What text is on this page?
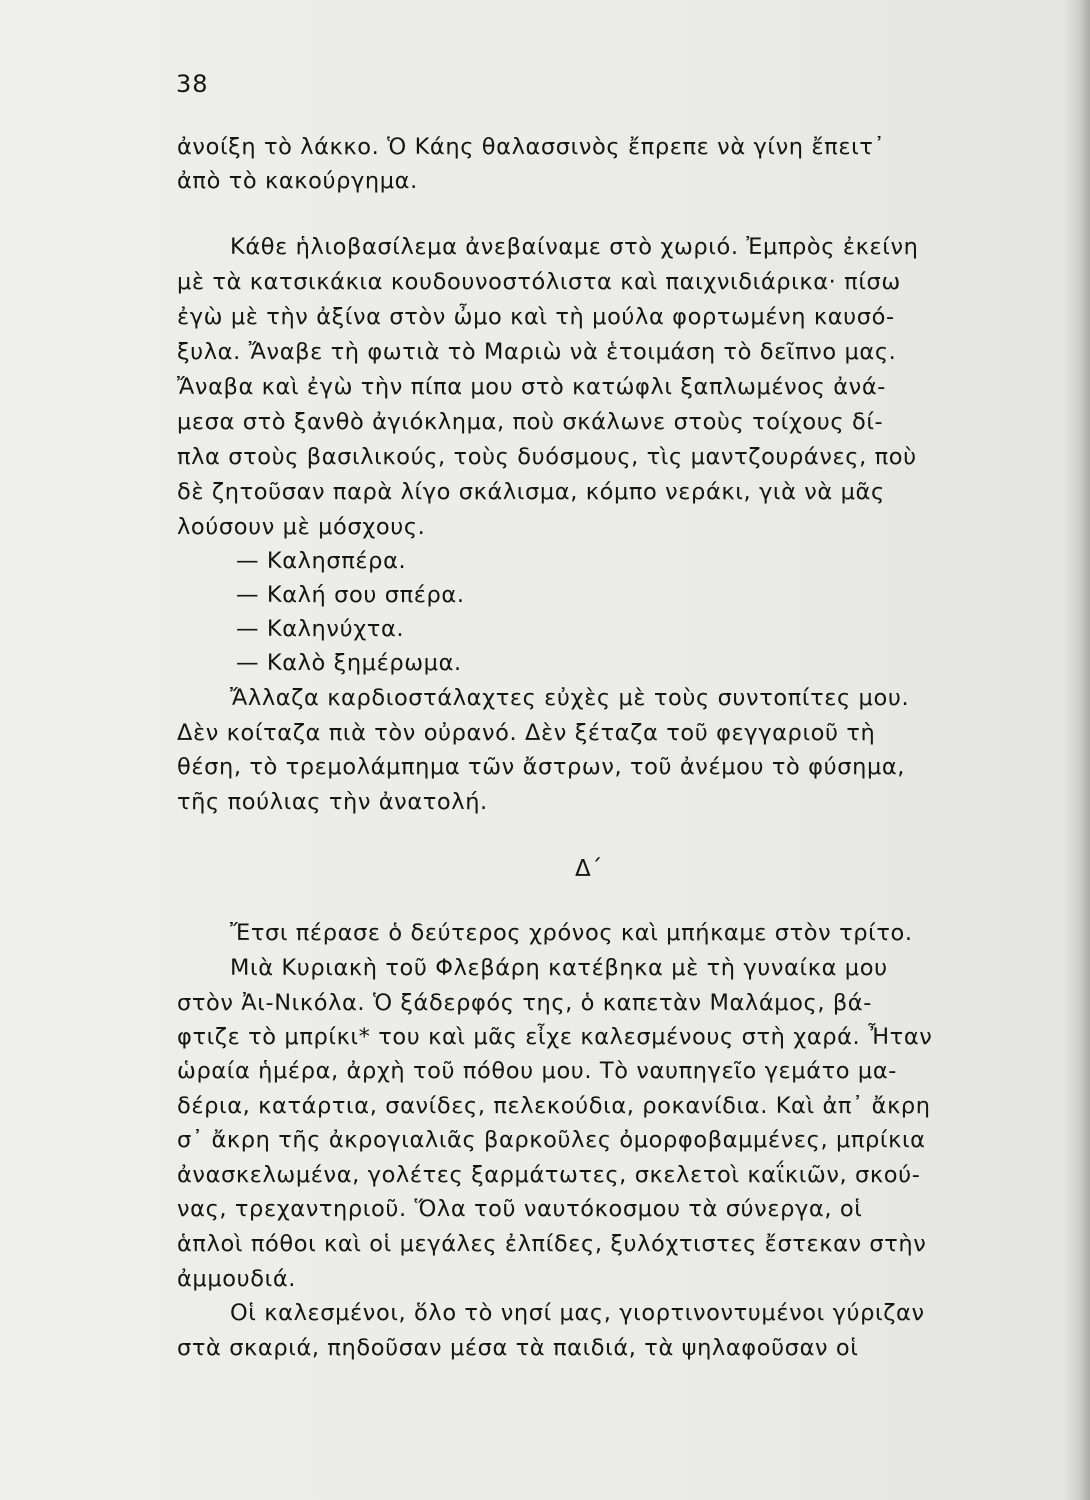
38
ἀνοίξη τὸ λάκκο. Ὁ Κάης θαλασσινὸς ἔπρεπε νὰ γίνη ἔπειτ᾽
ἀπὸ τὸ κακούργημα.
Κάθε ἡλιοβασίλεμα ἀνεβαίναμε στὸ χωριό. Ἐμπρὸς ἐκείνη
μὲ τὰ κατσικάκια κουδουνοστόλιστα καὶ παιχνιδιάρικα· πίσω
ἐγὼ μὲ τὴν ἀξίνα στὸν ὦμο καὶ τὴ μούλα φορτωμένη καυσό-
ξυλα. Ἄναβε τὴ φωτιὰ τὸ Μαριὼ νὰ ἑτοιμάση τὸ δεῖπνο μας.
Ἄναβα καὶ ἐγὼ τὴν πίπα μου στὸ κατώφλι ξαπλωμένος ἀνά-
μεσα στὸ ξανθὸ ἀγιόκλημα, ποὺ σκάλωνε στοὺς τοίχους δί-
πλα στοὺς βασιλικούς, τοὺς δυόσμους, τὶς μαντζουράνες, ποὺ
δὲ ζητοῦσαν παρὰ λίγο σκάλισμα, κόμπο νεράκι, γιὰ νὰ μᾶς
λούσουν μὲ μόσχους.
— Καλησπέρα.
— Καλή σου σπέρα.
— Καληνύχτα.
— Καλὸ ξημέρωμα.
Ἄλλαζα καρδιοστάλαχτες εὐχὲς μὲ τοὺς συντοπίτες μου.
Δὲν κοίταζα πιὰ τὸν οὐρανό. Δὲν ξέταζα τοῦ φεγγαριοῦ τὴ
θέση, τὸ τρεμολάμπημα τῶν ἄστρων, τοῦ ἀνέμου τὸ φύσημα,
τῆς πούλιας τὴν ἀνατολή.
Δ΄
Ἔτσι πέρασε ὁ δεύτερος χρόνος καὶ μπήκαμε στὸν τρίτο.
Μιὰ Κυριακὴ τοῦ Φλεβάρη κατέβηκα μὲ τὴ γυναίκα μου
στὸν Ἀι-Νικόλα. Ὁ ξάδερφός της, ὁ καπετὰν Μαλάμος, βά-
φτιζε τὸ μπρίκι* του καὶ μᾶς εἶχε καλεσμένους στὴ χαρά. Ἦταν
ὡραία ἡμέρα, ἀρχὴ τοῦ πόθου μου. Τὸ ναυπηγεῖο γεμάτο μα-
δέρια, κατάρτια, σανίδες, πελεκούδια, ροκανίδια. Καὶ ἀπ᾽ ἄκρη
σ᾽ ἄκρη τῆς ἀκρογιαλιᾶς βαρκοῦλες ὀμορφοβαμμένες, μπρίκια
ἀνασκελωμένα, γολέτες ξαρμάτωτες, σκελετοὶ καΐκιῶν, σκού-
νας, τρεχαντηριοῦ. Ὅλα τοῦ ναυτόκοσμου τὰ σύνεργα, οἱ
ἁπλοὶ πόθοι καὶ οἱ μεγάλες ἐλπίδες, ξυλόχτιστες ἔστεκαν στὴν
ἀμμουδιά.
Οἱ καλεσμένοι, ὅλο τὸ νησί μας, γιορτινοντυμένοι γύριζαν
στὰ σκαριά, πηδοῦσαν μέσα τὰ παιδιά, τὰ ψηλαφοῦσαν οἱ
